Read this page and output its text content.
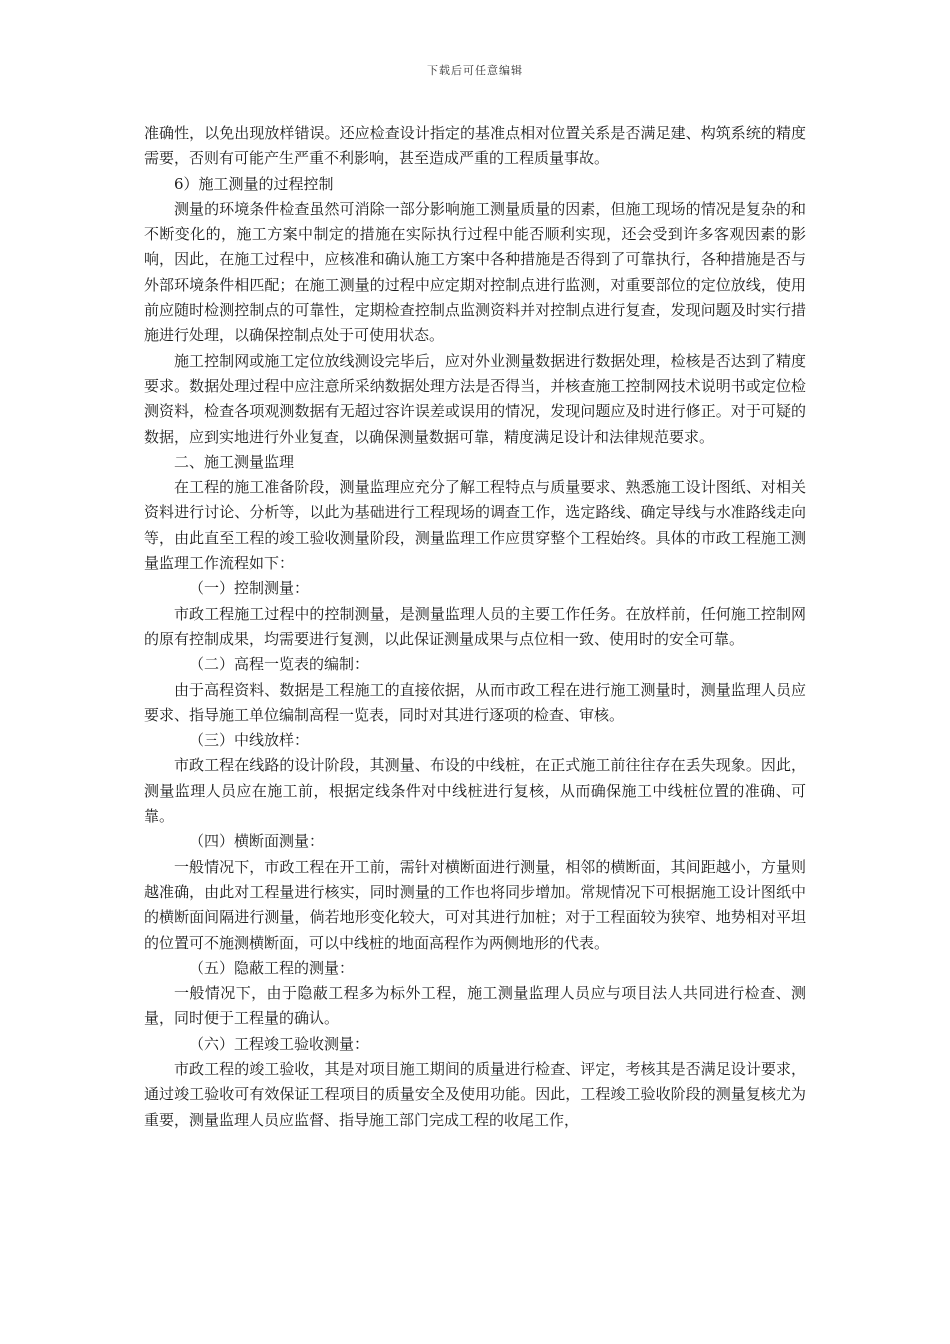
下载后可任意编辑

准确性，以免出现放样错误。还应检查设计指定的基准点相对位置关系是否满足建、构筑系统的精度需要，否则有可能产生严重不利影响，甚至造成严重的工程质量事故。

6）施工测量的过程控制

测量的环境条件检查虽然可消除一部分影响施工测量质量的因素，但施工现场的情况是复杂的和不断变化的，施工方案中制定的措施在实际执行过程中能否顺利实现，还会受到许多客观因素的影响，因此，在施工过程中，应核准和确认施工方案中各种措施是否得到了可靠执行，各种措施是否与外部环境条件相匹配；在施工测量的过程中应定期对控制点进行监测，对重要部位的定位放线，使用前应随时检测控制点的可靠性，定期检查控制点监测资料并对控制点进行复查，发现问题及时实行措施进行处理，以确保控制点处于可使用状态。

施工控制网或施工定位放线测设完毕后，应对外业测量数据进行数据处理，检核是否达到了精度要求。数据处理过程中应注意所采纳数据处理方法是否得当，并核查施工控制网技术说明书或定位检测资料，检查各项观测数据有无超过容许误差或误用的情况，发现问题应及时进行修正。对于可疑的数据，应到实地进行外业复查，以确保测量数据可靠，精度满足设计和法律规范要求。

二、施工测量监理

在工程的施工准备阶段，测量监理应充分了解工程特点与质量要求、熟悉施工设计图纸、对相关资料进行讨论、分析等，以此为基础进行工程现场的调查工作，选定路线、确定导线与水准路线走向等，由此直至工程的竣工验收测量阶段，测量监理工作应贯穿整个工程始终。具体的市政工程施工测量监理工作流程如下：

（一）控制测量：

市政工程施工过程中的控制测量，是测量监理人员的主要工作任务。在放样前，任何施工控制网的原有控制成果，均需要进行复测，以此保证测量成果与点位相一致、使用时的安全可靠。

（二）高程一览表的编制：

由于高程资料、数据是工程施工的直接依据，从而市政工程在进行施工测量时，测量监理人员应要求、指导施工单位编制高程一览表，同时对其进行逐项的检查、审核。

（三）中线放样：

市政工程在线路的设计阶段，其测量、布设的中线桩，在正式施工前往往存在丢失现象。因此，测量监理人员应在施工前，根据定线条件对中线桩进行复核，从而确保施工中线桩位置的准确、可靠。

（四）横断面测量：

一般情况下，市政工程在开工前，需针对横断面进行测量，相邻的横断面，其间距越小，方量则越准确，由此对工程量进行核实，同时测量的工作也将同步增加。常规情况下可根据施工设计图纸中的横断面间隔进行测量，倘若地形变化较大，可对其进行加桩；对于工程面较为狭窄、地势相对平坦的位置可不施测横断面，可以中线桩的地面高程作为两侧地形的代表。

（五）隐蔽工程的测量：

一般情况下，由于隐蔽工程多为标外工程，施工测量监理人员应与项目法人共同进行检查、测量，同时便于工程量的确认。

（六）工程竣工验收测量：

市政工程的竣工验收，其是对项目施工期间的质量进行检查、评定，考核其是否满足设计要求，通过竣工验收可有效保证工程项目的质量安全及使用功能。因此，工程竣工验收阶段的测量复核尤为重要，测量监理人员应监督、指导施工部门完成工程的收尾工作，
